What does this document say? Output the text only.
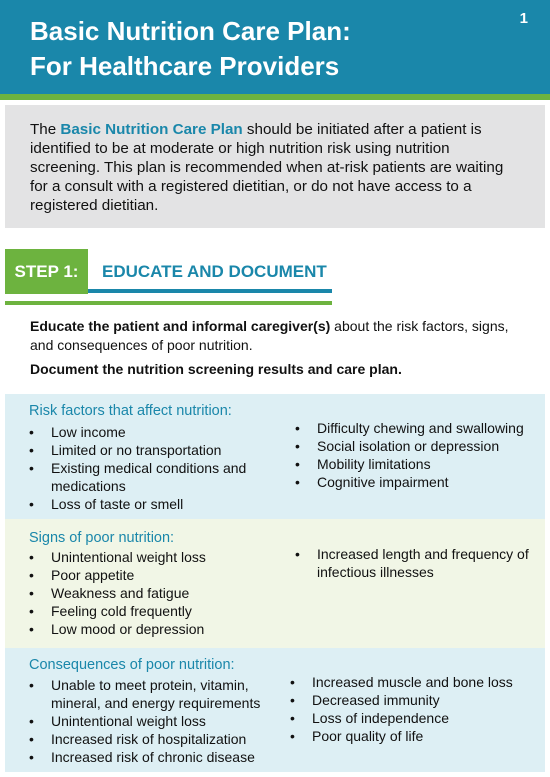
Basic Nutrition Care Plan:
For Healthcare Providers
1

The Basic Nutrition Care Plan should be initiated after a patient is identified to be at moderate or high nutrition risk using nutrition screening. This plan is recommended when at-risk patients are waiting for a consult with a registered dietitian, or do not have access to a registered dietitian.

STEP 1:	EDUCATE AND DOCUMENT

Educate the patient and informal caregiver(s) about the risk factors, signs, and consequences of poor nutrition.

Document the nutrition screening results and care plan.

Risk factors that affect nutrition:
• Low income
• Limited or no transportation
• Existing medical conditions and medications
• Loss of taste or smell
• Difficulty chewing and swallowing
• Social isolation or depression
• Mobility limitations
• Cognitive impairment
Signs of poor nutrition:
• Unintentional weight loss
• Poor appetite
• Weakness and fatigue
• Feeling cold frequently
• Low mood or depression
• Increased length and frequency of infectious illnesses
Consequences of poor nutrition:
• Unable to meet protein, vitamin, mineral, and energy requirements
• Unintentional weight loss
• Increased risk of hospitalization
• Increased risk of chronic disease
• Increased muscle and bone loss
• Decreased immunity
• Loss of independence
• Poor quality of life
